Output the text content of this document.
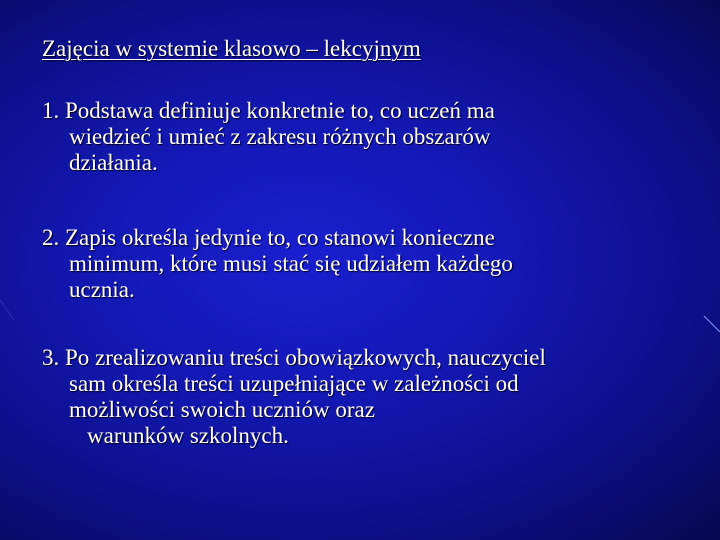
Zajęcia w systemie klasowo – lekcyjnym
1. Podstawa definiuje konkretnie to, co uczeń ma
wiedzieć i umieć z zakresu różnych obszarów
działania.
2. Zapis określa jedynie to, co stanowi konieczne
minimum, które musi stać się udziałem każdego
ucznia.
3. Po zrealizowaniu treści obowiązkowych, nauczyciel
sam określa treści uzupełniające w zależności od
możliwości swoich uczniów oraz
warunków szkolnych.
